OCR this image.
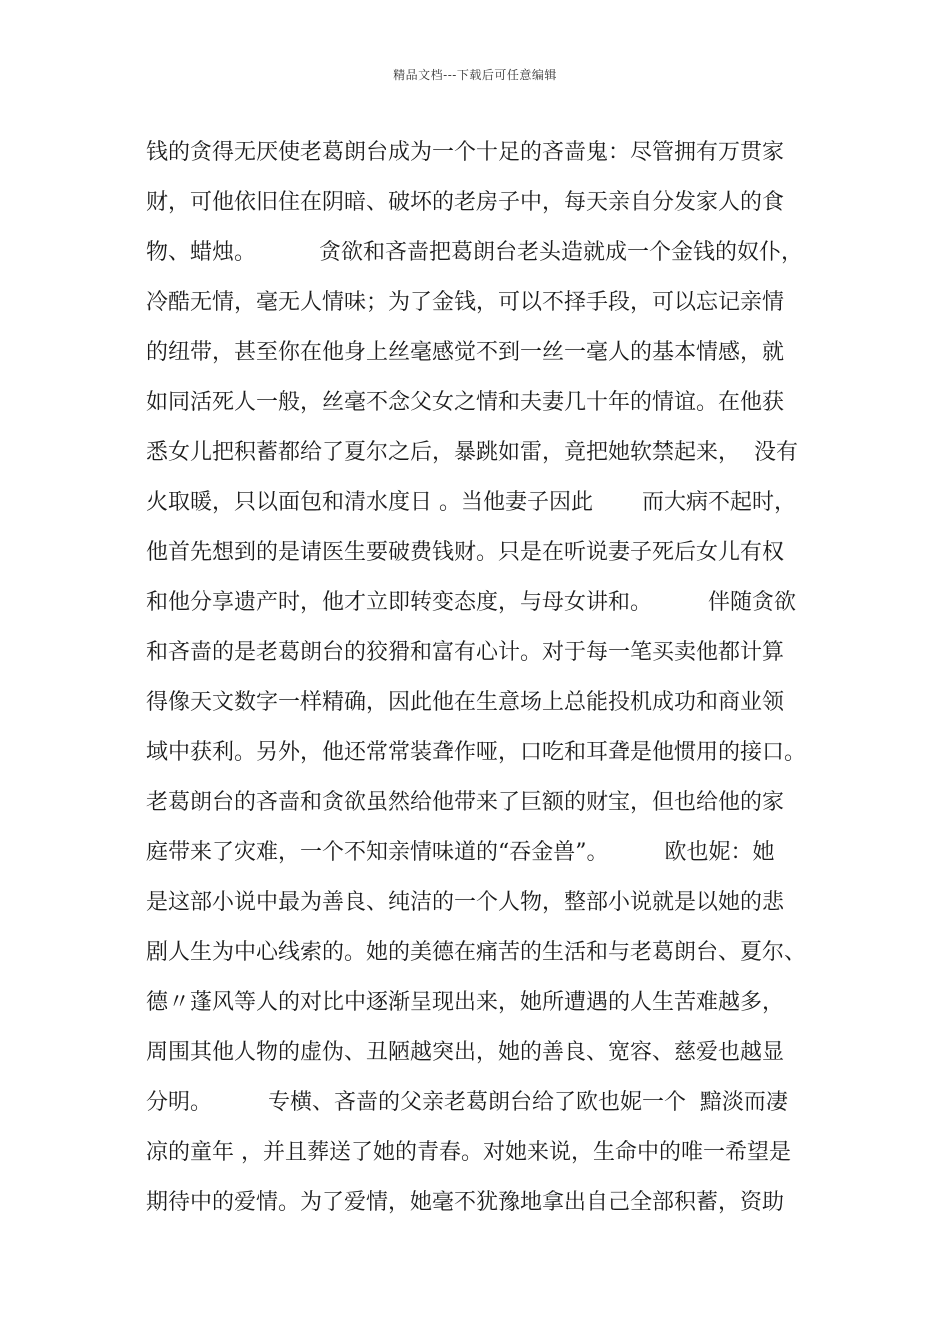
精品文档---下载后可任意编辑
钱的贪得无厌使老葛朗台成为一个十足的吝啬鬼：尽管拥有万贯家
财，可他依旧住在阴暗、破坏的老房子中，每天亲自分发家人的食
物、蜡烛。         贪欲和吝啬把葛朗台老头造就成一个金钱的奴仆，
冷酷无情，毫无人情味；为了金钱，可以不择手段，可以忘记亲情
的纽带，甚至你在他身上丝毫感觉不到一丝一毫人的基本情感，就
如同活死人一般，丝毫不念父女之情和夫妻几十年的情谊。在他获
悉女儿把积蓄都给了夏尔之后，暴跳如雷，竟把她软禁起来，  没有
火取暖，只以面包和清水度日 。当他妻子因此       而大病不起时，
他首先想到的是请医生要破费钱财。只是在听说妻子死后女儿有权
和他分享遗产时，他才立即转变态度，与母女讲和。        伴随贪欲
和吝啬的是老葛朗台的狡猾和富有心计。对于每一笔买卖他都计算
得像天文数字一样精确，因此他在生意场上总能投机成功和商业领
域中获利。另外，他还常常装聋作哑，口吃和耳聋是他惯用的接口。
老葛朗台的吝啬和贪欲虽然给他带来了巨额的财宝，但也给他的家
庭带来了灾难，一个不知亲情味道的“吞金兽”。        欧也妮：她
是这部小说中最为善良、纯洁的一个人物，整部小说就是以她的悲
剧人生为中心线索的。她的美德在痛苦的生活和与老葛朗台、夏尔、
德〃蓬风等人的对比中逐渐呈现出来，她所遭遇的人生苦难越多，
周围其他人物的虚伪、丑陋越突出，她的善良、宽容、慈爱也越显
分明。        专横、吝啬的父亲老葛朗台给了欧也妮一个  黯淡而凄
凉的童年 ，并且葬送了她的青春。对她来说，生命中的唯一希望是
期待中的爱情。为了爱情，她毫不犹豫地拿出自己全部积蓄，资助
